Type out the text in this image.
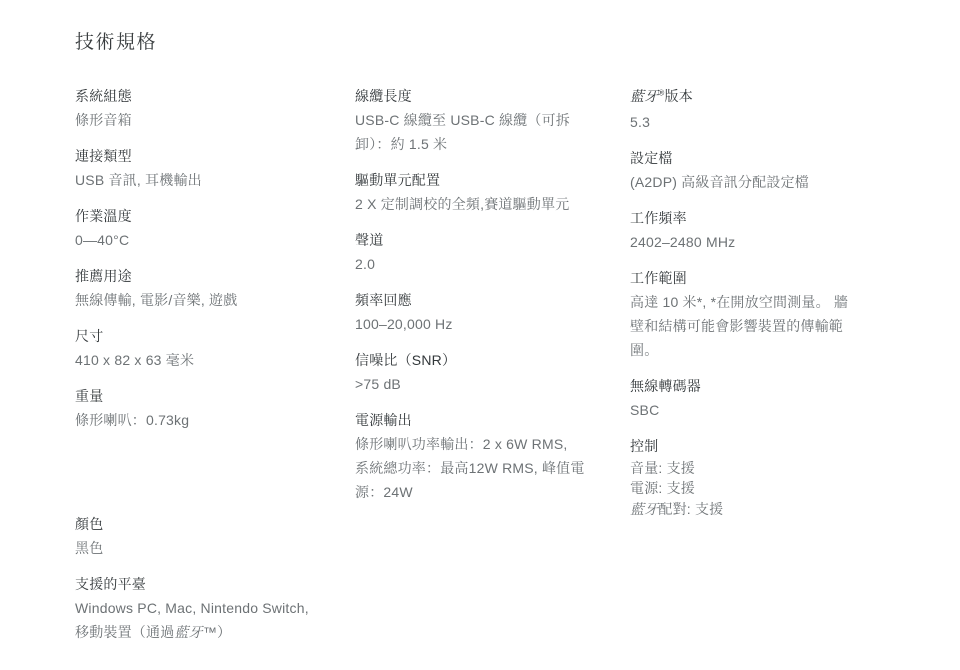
技術規格
系統組態
條形音箱
連接類型
USB 音訊, 耳機輸出
作業溫度
0—40°C
推薦用途
無線傳輸, 電影/音樂, 遊戲
尺寸
410 x 82 x 63 毫米
重量
條形喇叭：0.73kg
顏色
黑色
支援的平臺
Windows PC, Mac, Nintendo Switch,
移動裝置（通過藍牙™）
線纜長度
USB-C 線纜至 USB-C 線纜（可拆
卸）：約 1.5 米
驅動單元配置
2 X 定制調校的全頻,賽道驅動單元
聲道
2.0
頻率回應
100–20,000 Hz
信噪比（SNR）
>75 dB
電源輸出
條形喇叭功率輸出：2 x 6W RMS,
系統總功率：最高12W RMS, 峰值電
源：24W
藍牙®版本
5.3
設定檔
(A2DP) 高級音訊分配設定檔
工作頻率
2402–2480 MHz
工作範圍
高達 10 米*, *在開放空間測量。 牆
壁和結構可能會影響裝置的傳輸範
圍。
無線轉碼器
SBC
控制
音量: 支援
電源: 支援
藍牙配對: 支援
